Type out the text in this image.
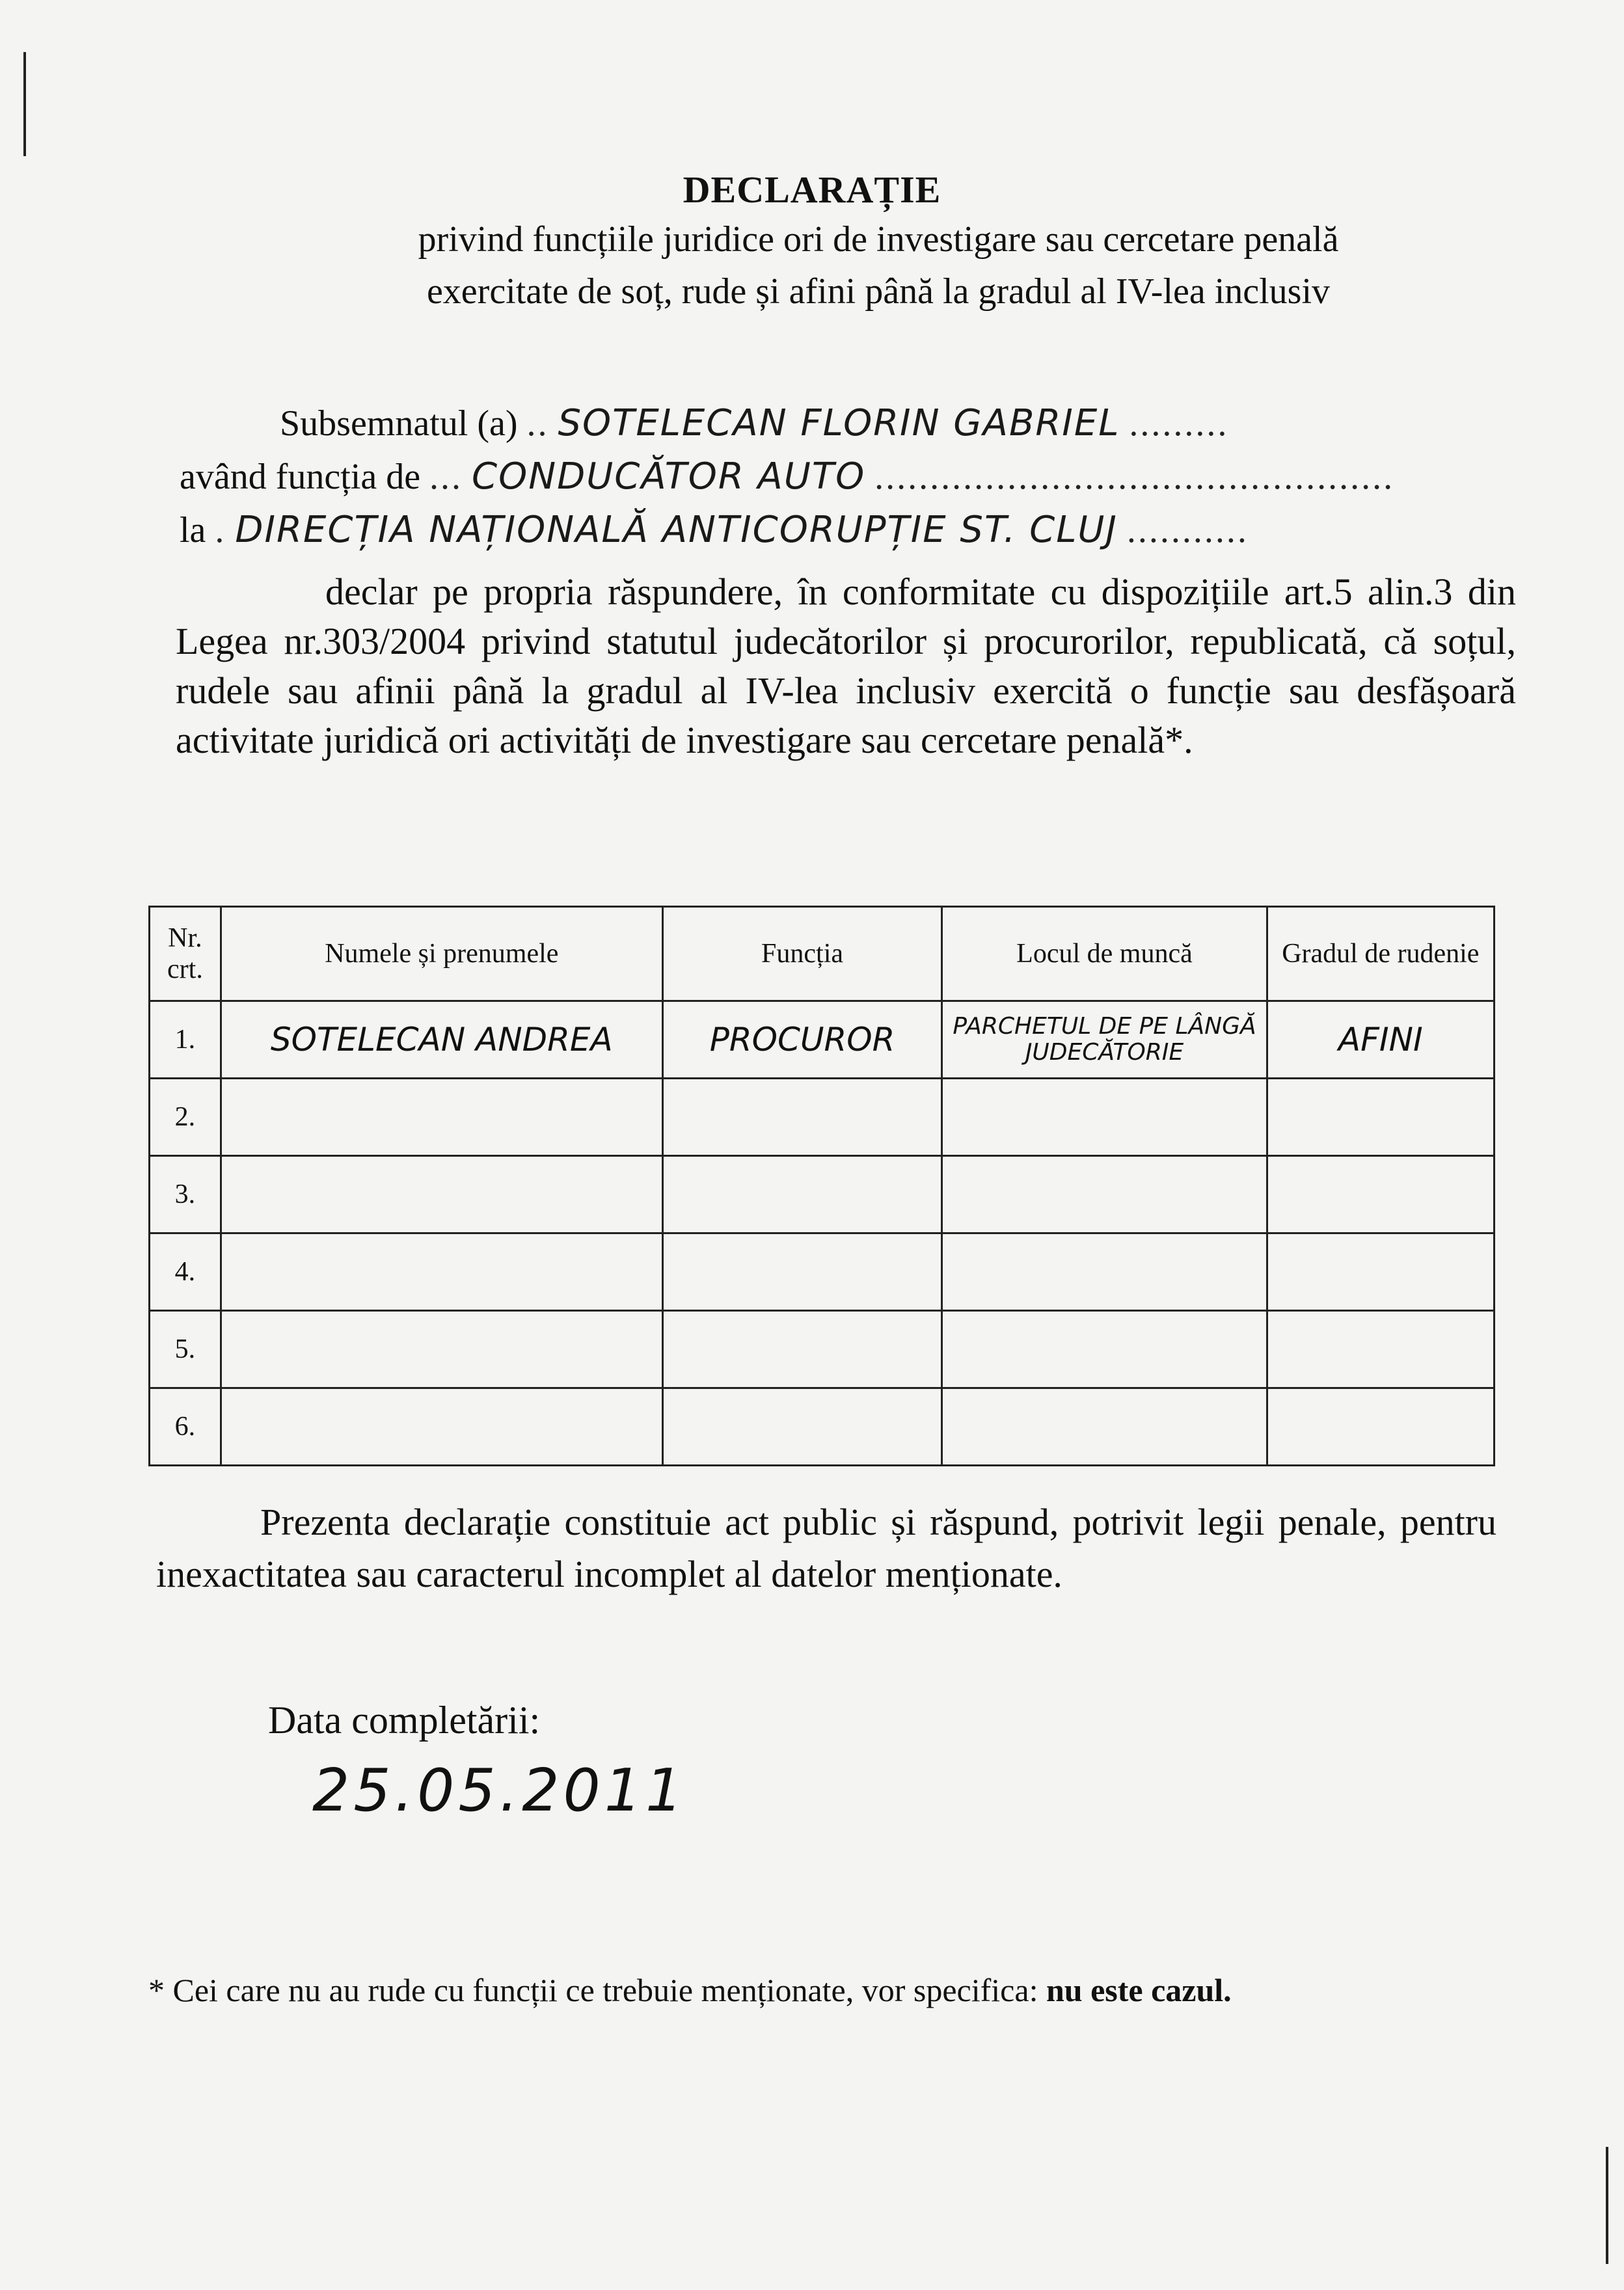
DECLARAȚIE
privind funcțiile juridice ori de investigare sau cercetare penală
exercitate de soț, rude și afini până la gradul al IV-lea inclusiv
Subsemnatul (a) .. SOTELECAN FLORIN GABRIEL .........
având funcția de ... CONDUCĂTOR AUTO ...............................................
la . DIRECȚIA NAȚIONALĂ ANTICORUPȚIE ST. CLUJ ...........
declar pe propria răspundere, în conformitate cu dispozițiile art.5 alin.3 din Legea nr.303/2004 privind statutul judecătorilor și procurorilor, republicată, că soțul, rudele sau afinii până la gradul al IV-lea inclusiv exercită o funcție sau desfășoară activitate juridică ori activități de investigare sau cercetare penală*.
Nr. crt.	Numele și prenumele	Funcția	Locul de muncă	Gradul de rudenie
1.	SOTELECAN ANDREA	PROCUROR	PARCHETUL DE PE LÂNGĂ JUDECĂTORIE	AFINI
2.				
3.				
4.				
5.				
6.				
Prezenta declarație constituie act public și răspund, potrivit legii penale, pentru inexactitatea sau caracterul incomplet al datelor menționate.
Data completării:
25.05.2011
* Cei care nu au rude cu funcții ce trebuie menționate, vor specifica: nu este cazul.
